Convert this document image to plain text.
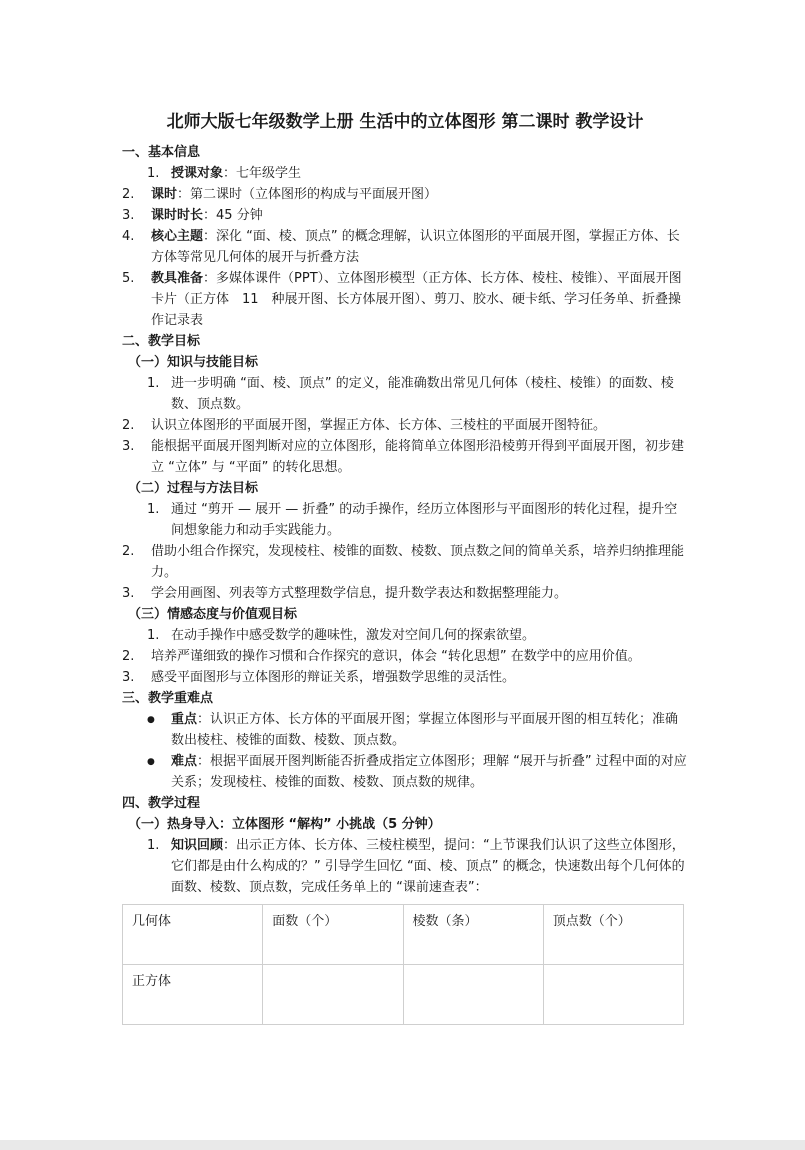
北师大版七年级数学上册 生活中的立体图形 第二课时 教学设计
一、基本信息
1. 授课对象：七年级学生
2.	课时：第二课时（立体图形的构成与平面展开图）
3.	课时时长：45 分钟
4.	核心主题：深化 “面、棱、顶点” 的概念理解，认识立体图形的平面展开图，掌握正方体、长方体等常见几何体的展开与折叠方法
5.	教具准备：多媒体课件（PPT）、立体图形模型（正方体、长方体、棱柱、棱锥）、平面展开图卡片（正方体　11　种展开图、长方体展开图）、剪刀、胶水、硬卡纸、学习任务单、折叠操作记录表
二、教学目标
（一）知识与技能目标
1. 进一步明确 “面、棱、顶点” 的定义，能准确数出常见几何体（棱柱、棱锥）的面数、棱数、顶点数。
2.	认识立体图形的平面展开图，掌握正方体、长方体、三棱柱的平面展开图特征。
3.	能根据平面展开图判断对应的立体图形，能将简单立体图形沿棱剪开得到平面展开图，初步建立 “立体” 与 “平面” 的转化思想。
（二）过程与方法目标
1. 通过 “剪开 — 展开 — 折叠” 的动手操作，经历立体图形与平面图形的转化过程，提升空间想象能力和动手实践能力。
2.	借助小组合作探究，发现棱柱、棱锥的面数、棱数、顶点数之间的简单关系，培养归纳推理能力。
3.	学会用画图、列表等方式整理数学信息，提升数学表达和数据整理能力。
（三）情感态度与价值观目标
1. 在动手操作中感受数学的趣味性，激发对空间几何的探索欲望。
2.	培养严谨细致的操作习惯和合作探究的意识，体会 “转化思想” 在数学中的应用价值。
3.	感受平面图形与立体图形的辩证关系，增强数学思维的灵活性。
三、教学重难点
●
重点：认识正方体、长方体的平面展开图；掌握立体图形与平面展开图的相互转化；准确数出棱柱、棱锥的面数、棱数、顶点数。
●
难点：根据平面展开图判断能否折叠成指定立体图形；理解 “展开与折叠” 过程中面的对应关系；发现棱柱、棱锥的面数、棱数、顶点数的规律。
四、教学过程
（一）热身导入：立体图形 “解构” 小挑战（5 分钟）
1. 知识回顾：出示正方体、长方体、三棱柱模型，提问：“上节课我们认识了这些立体图形，它们都是由什么构成的？” 引导学生回忆 “面、棱、顶点” 的概念，快速数出每个几何体的面数、棱数、顶点数，完成任务单上的 “课前速查表”：
几何体	面数（个）	棱数（条）	顶点数（个）
正方体			
